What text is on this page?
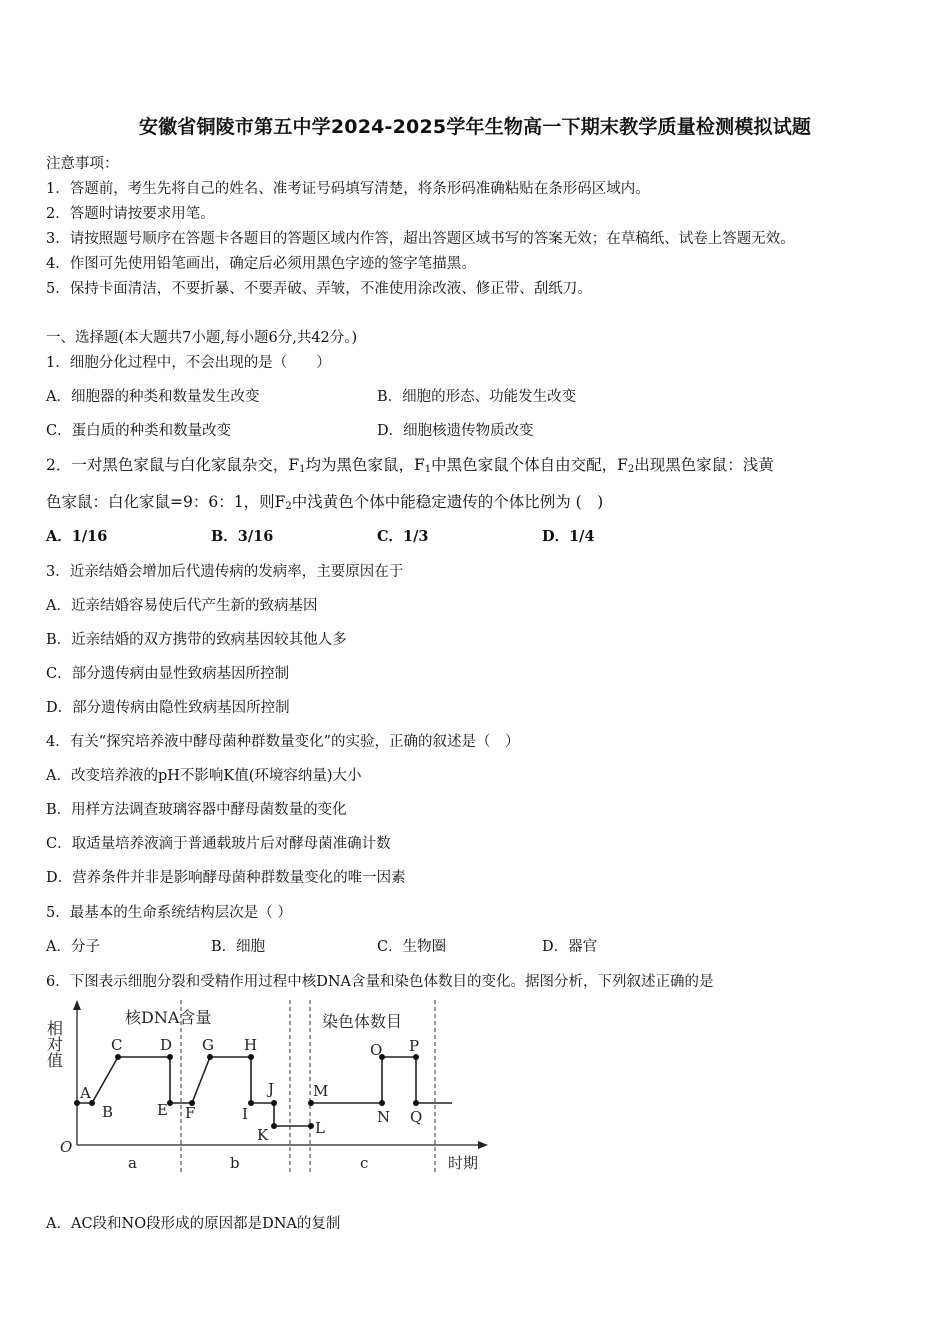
安徽省铜陵市第五中学2024-2025学年生物高一下期末教学质量检测模拟试题
注意事项：
1．答题前，考生先将自己的姓名、准考证号码填写清楚，将条形码准确粘贴在条形码区域内。
2．答题时请按要求用笔。
3．请按照题号顺序在答题卡各题目的答题区域内作答，超出答题区域书写的答案无效；在草稿纸、试卷上答题无效。
4．作图可先使用铅笔画出，确定后必须用黑色字迹的签字笔描黑。
5．保持卡面清洁，不要折暴、不要弄破、弄皱，不准使用涂改液、修正带、刮纸刀。
一、选择题(本大题共7小题,每小题6分,共42分。)
1．细胞分化过程中，不会出现的是（　　）
A．细胞器的种类和数量发生改变	B．细胞的形态、功能发生改变
C．蛋白质的种类和数量改变	D．细胞核遗传物质改变
2．一对黑色家鼠与白化家鼠杂交，$F_1$均为黑色家鼠，$F_1$中黑色家鼠个体自由交配，$F_2$出现黑色家鼠：浅黄
色家鼠：白化家鼠=9：6：1，则$F_2$中浅黄色个体中能稳定遗传的个体比例为 (　)
A．1/16	B．3/16	C．1/3	D．1/4
3．近亲结婚会增加后代遗传病的发病率，主要原因在于
A．近亲结婚容易使后代产生新的致病基因
B．近亲结婚的双方携带的致病基因较其他人多
C．部分遗传病由显性致病基因所控制
D．部分遗传病由隐性致病基因所控制
4．有关“探究培养液中酵母菌种群数量变化”的实验，正确的叙述是（　）
A．改变培养液的pH不影响K值(环境容纳量)大小
B．用样方法调查玻璃容器中酵母菌数量的变化
C．取适量培养液滴于普通载玻片后对酵母菌准确计数
D．营养条件并非是影响酵母菌种群数量变化的唯一因素
5．最基本的生命系统结构层次是（ ）
A．分子	B．细胞	C．生物圈	D．器官
6．下图表示细胞分裂和受精作用过程中核DNA含量和染色体数目的变化。据图分析，下列叙述正确的是
A
B
C	D
E F
G H
I
J
K	L
M
N
O P
Q
核DNA含量	染色体数目
相对值
O
a	b	c	时期
A．AC段和NO段形成的原因都是DNA的复制
